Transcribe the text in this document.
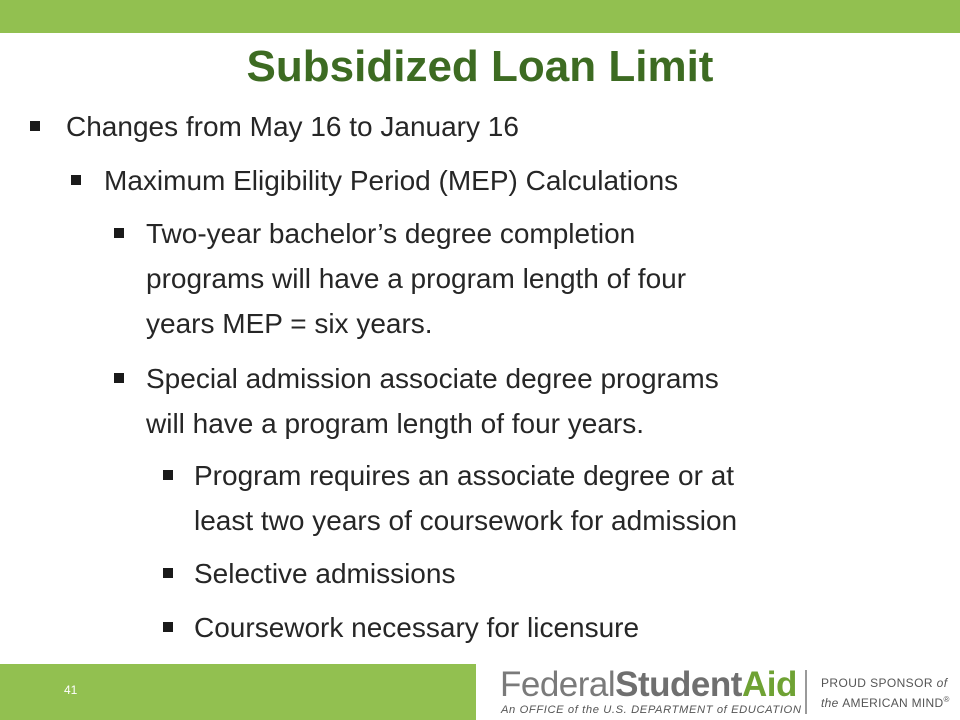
Subsidized Loan Limit
Changes from May 16 to January 16
Maximum Eligibility Period (MEP) Calculations
Two-year bachelor’s degree completion
programs will have a program length of four
years MEP = six years.
Special admission associate degree programs
will have a program length of four years.
Program requires an associate degree or at
least two years of coursework for admission
Selective admissions
Coursework necessary for licensure
41	FederalStudentAid
An OFFICE of the U.S. DEPARTMENT of EDUCATION
PROUD SPONSOR of
the AMERICAN MIND®
